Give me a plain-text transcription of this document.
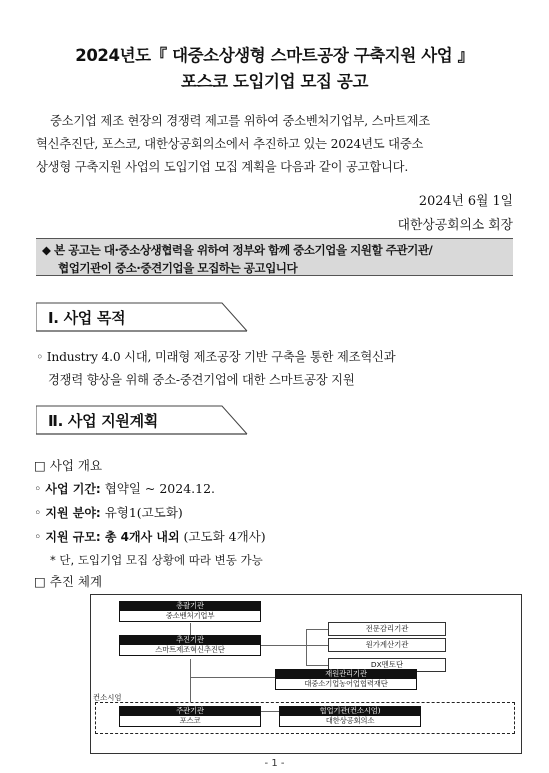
2024년도『 대중소상생형 스마트공장 구축지원 사업 』
포스코 도입기업 모집 공고
중소기업 제조 현장의 경쟁력 제고를 위하여 중소벤처기업부, 스마트제조
혁신추진단, 포스코, 대한상공회의소에서 추진하고 있는 2024년도 대중소
상생형 구축지원 사업의 도입기업 모집 계획을 다음과 같이 공고합니다.
2024년 6월 1일
대한상공회의소 회장
◆ 본 공고는 대·중소상생협력을 위하여 정부와 함께 중소기업을 지원할 주관기관/
협업기관이 중소·중견기업을 모집하는 공고입니다
Ⅰ. 사업 목적
◦ Industry 4.0 시대, 미래형 제조공장 기반 구축을 통한 제조혁신과
경쟁력 향상을 위해 중소-중견기업에 대한 스마트공장 지원
Ⅱ. 사업 지원계획
□ 사업 개요
◦ 사업 기간: 협약일 ~ 2024.12.
◦ 지원 분야: 유형1(고도화)
◦ 지원 규모: 총 4개사 내외 (고도화 4개사)
* 단, 도입기업 모집 상황에 따라 변동 가능
□ 추진 체계
총괄기관
중소벤처기업부
추진기관
스마트제조혁신추진단
전문감리기관
원가계산기관
DX멘토단
재원관리기관
대중소기업농어업협력재단
컨소시엄
주관기관
포스코
협업기관(컨소시엄)
대한상공회의소
- 1 -
